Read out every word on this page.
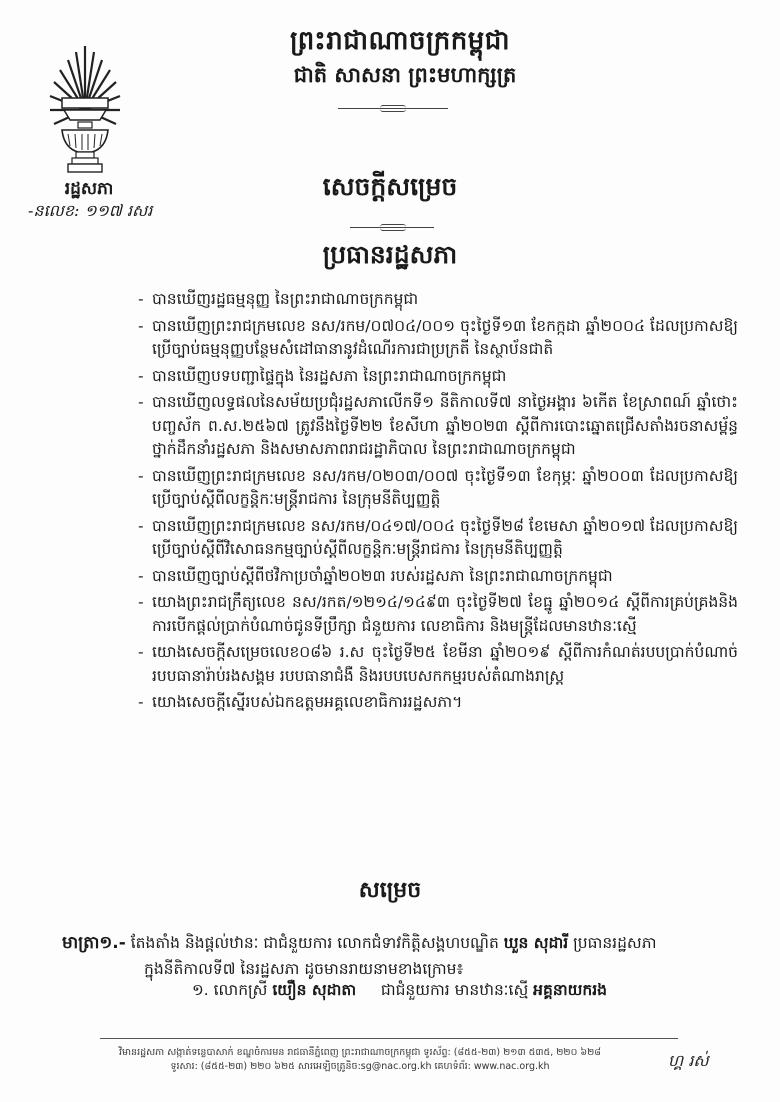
រដ្ឋសភា
-នលេខ: ១១៧ រសរ
ព្រះរាជាណាចក្រកម្ពុជា
ជាតិ សាសនា ព្រះមហាក្សត្រ
សេចក្តីសម្រេច
ប្រធានរដ្ឋសភា
- បានឃើញរដ្ឋធម្មនុញ្ញ នៃព្រះរាជាណាចក្រកម្ពុជា
- បានឃើញព្រះរាជក្រមលេខ នស/រកម/០៧០៤/០០១ ចុះថ្ងៃទី១៣ ខែកក្កដា ឆ្នាំ២០០៤ ដែលប្រកាសឱ្យប្រើច្បាប់ធម្មនុញ្ញបន្ថែមសំដៅធានានូវដំណើរការជាប្រក្រតី នៃស្ថាប័នជាតិ
- បានឃើញបទបញ្ជាផ្ទៃក្នុង នៃរដ្ឋសភា នៃព្រះរាជាណាចក្រកម្ពុជា
- បានឃើញលទ្ធផលនៃសម័យប្រជុំរដ្ឋសភាលើកទី១ នីតិកាលទី៧ នាថ្ងៃអង្គារ ៦កើត ខែស្រាពណ៍ ឆ្នាំថោះ បញ្ចស័ក ព.ស.២៥៦៧ ត្រូវនឹងថ្ងៃទី២២ ខែសីហា ឆ្នាំ២០២៣ ស្តីពីការបោះឆ្នោតជ្រើសតាំងរចនាសម្ព័ន្ធថ្នាក់ដឹកនាំរដ្ឋសភា និងសមាសភាពរាជរដ្ឋាភិបាល នៃព្រះរាជាណាចក្រកម្ពុជា
- បានឃើញព្រះរាជក្រមលេខ នស/រកម/០២០៣/០០៧ ចុះថ្ងៃទី១៣ ខែកុម្ភៈ ឆ្នាំ២០០៣ ដែលប្រកាសឱ្យប្រើច្បាប់ស្តីពីលក្ខន្តិកៈមន្ត្រីរាជការ នៃក្រុមនីតិប្បញ្ញត្តិ
- បានឃើញព្រះរាជក្រមលេខ នស/រកម/០៤១៧/០០៤ ចុះថ្ងៃទី២៨ ខែមេសា ឆ្នាំ២០១៧ ដែលប្រកាសឱ្យប្រើច្បាប់ស្តីពីវិសោធនកម្មច្បាប់ស្តីពីលក្ខន្តិកៈមន្ត្រីរាជការ នៃក្រុមនីតិប្បញ្ញត្តិ
- បានឃើញច្បាប់ស្តីពីថវិកាប្រចាំឆ្នាំ២០២៣ របស់រដ្ឋសភា នៃព្រះរាជាណាចក្រកម្ពុជា
- យោងព្រះរាជក្រឹត្យលេខ នស/រកត/១២១៤/១៤៩៣ ចុះថ្ងៃទី២៧ ខែធ្នូ ឆ្នាំ២០១៤ ស្តីពីការគ្រប់គ្រងនិងការបើកផ្តល់ប្រាក់បំណាច់ជូនទីប្រឹក្សា ជំនួយការ លេខាធិការ និងមន្ត្រីដែលមានឋានៈស្មើ
- យោងសេចក្តីសម្រេចលេខ០៨៦ រ.ស ចុះថ្ងៃទី២៥ ខែមីនា ឆ្នាំ២០១៩ ស្តីពីការកំណត់របបប្រាក់បំណាច់ របបធានារ៉ាប់រងសង្គម របបធានាជំងឺ និងរបបបេសកកម្មរបស់តំណាងរាស្ត្រ
- យោងសេចក្តីស្នើរបស់ឯកឧត្តមអគ្គលេខាធិការរដ្ឋសភា។
សម្រេច
មាត្រា១.- តែងតាំង និងផ្តល់ឋានៈ ជាជំនួយការ លោកជំទាវកិត្តិសង្គហបណ្ឌិត ឃួន សុដារី ប្រធានរដ្ឋសភា
ក្នុងនីតិកាលទី៧ នៃរដ្ឋសភា ដូចមានរាយនាមខាងក្រោម៖
១. លោកស្រី យឿន សុដាតា ជាជំនួយការ មានឋានៈស្មើ អគ្គនាយករង
វិមានរដ្ឋសភា សង្កាត់ទន្លេបាសាក់ ខណ្ឌចំការមន រាជធានីភ្នំពេញ ព្រះរាជាណាចក្រកម្ពុជា ទូរស័ព្ទ: (៨៥៥-២៣) ២១៣ ៥៣៥, ២២០ ៦២៨
ទូរសារ: (៨៥៥-២៣) ២២០ ៦២៥ សារអេឡិចត្រូនិច:sg@nac.org.kh គេហទំព័រ: www.nac.org.kh	ហ្គ រស់
